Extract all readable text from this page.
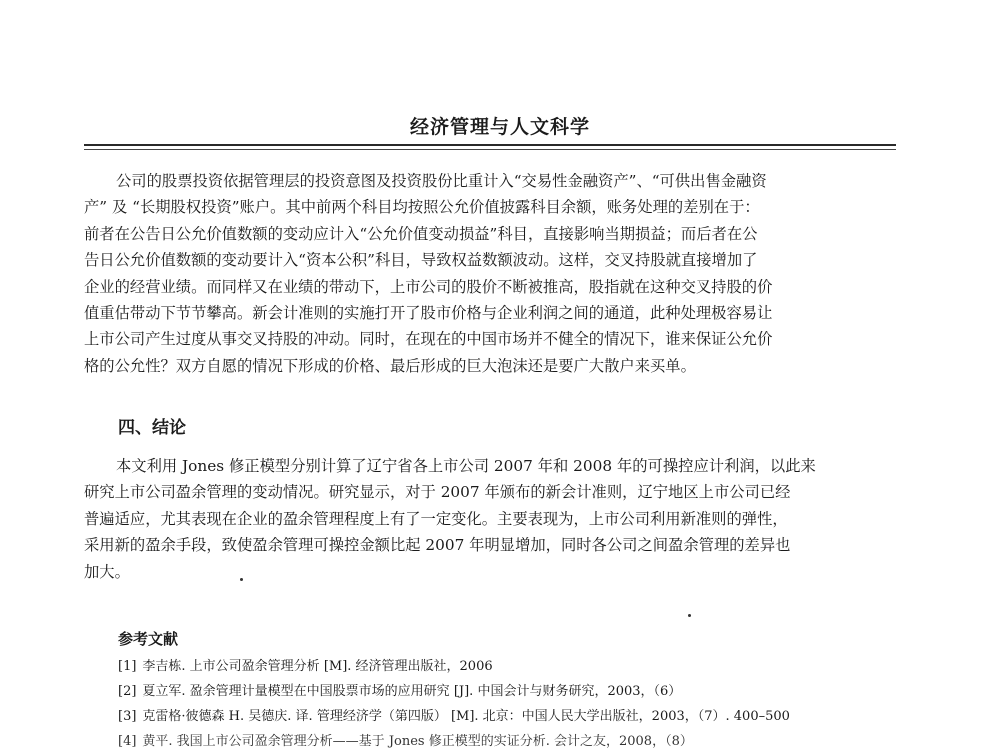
经济管理与人文科学
公司的股票投资依据管理层的投资意图及投资股份比重计入“交易性金融资产”、“可供出售金融资
产” 及 “长期股权投资”账户。其中前两个科目均按照公允价值披露科目余额，账务处理的差别在于：
前者在公告日公允价值数额的变动应计入“公允价值变动损益”科目，直接影响当期损益；而后者在公
告日公允价值数额的变动要计入“资本公积”科目，导致权益数额波动。这样，交叉持股就直接增加了
企业的经营业绩。而同样又在业绩的带动下，上市公司的股价不断被推高，股指就在这种交叉持股的价
值重估带动下节节攀高。新会计准则的实施打开了股市价格与企业利润之间的通道，此种处理极容易让
上市公司产生过度从事交叉持股的冲动。同时，在现在的中国市场并不健全的情况下，谁来保证公允价
格的公允性？双方自愿的情况下形成的价格、最后形成的巨大泡沫还是要广大散户来买单。
四、结论
本文利用 Jones 修正模型分别计算了辽宁省各上市公司 2007 年和 2008 年的可操控应计利润，以此来
研究上市公司盈余管理的变动情况。研究显示，对于 2007 年颁布的新会计准则，辽宁地区上市公司已经
普遍适应，尤其表现在企业的盈余管理程度上有了一定变化。主要表现为，上市公司利用新准则的弹性，
采用新的盈余手段，致使盈余管理可操控金额比起 2007 年明显增加，同时各公司之间盈余管理的差异也
加大。
参考文献
[1] 李吉栋. 上市公司盈余管理分析 [M]. 经济管理出版社，2006
[2] 夏立军. 盈余管理计量模型在中国股票市场的应用研究 [J]. 中国会计与财务研究，2003，（6）
[3] 克雷格·彼德森 H. 吴德庆. 译. 管理经济学（第四版） [M]. 北京：中国人民大学出版社，2003，（7）. 400–500
[4] 黄平. 我国上市公司盈余管理分析——基于 Jones 修正模型的实证分析. 会计之友，2008，（8）
